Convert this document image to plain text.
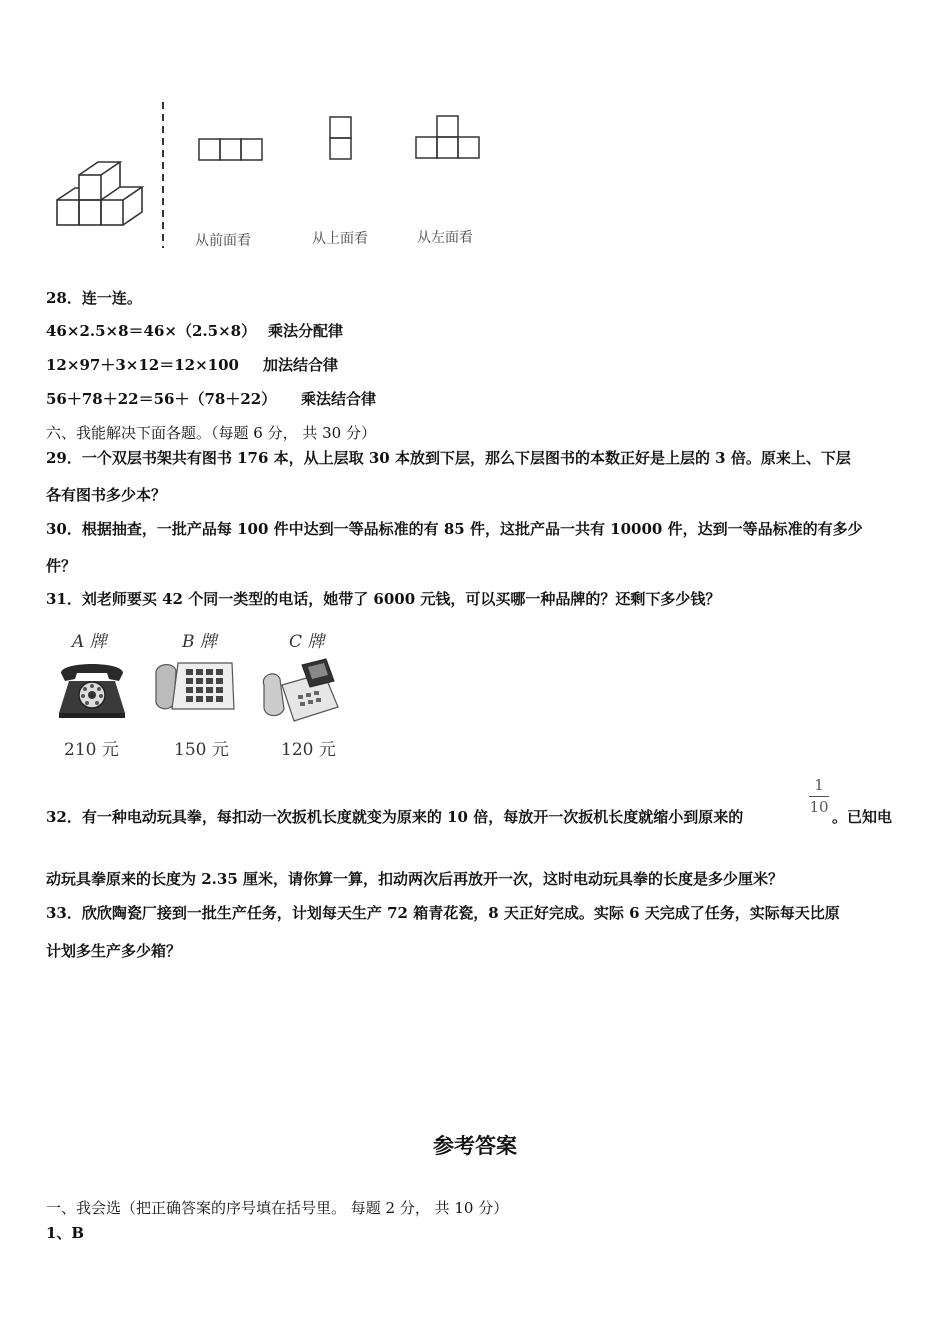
从前面看	从上面看	从左面看
28．连一连。
46×2.5×8＝46×（2.5×8） 乘法分配律
12×97＋3×12＝12×100 加法结合律
56＋78＋22＝56＋（78＋22） 乘法结合律
六、我能解决下面各题。（每题 6 分， 共 30 分）
29．一个双层书架共有图书 176 本，从上层取 30 本放到下层，那么下层图书的本数正好是上层的 3 倍。原来上、下层
各有图书多少本？
30．根据抽查，一批产品每 100 件中达到一等品标准的有 85 件，这批产品一共有 10000 件，达到一等品标准的有多少
件？
31．刘老师要买 42 个同一类型的电话，她带了 6000 元钱，可以买哪一种品牌的？还剩下多少钱？
A 牌	B 牌	C 牌
210 元	150 元	120 元
32．有一种电动玩具拳，每扣动一次扳机长度就变为原来的 10 倍，每放开一次扳机长度就缩小到原来的
1
10
。已知电
动玩具拳原来的长度为 2.35 厘米，请你算一算，扣动两次后再放开一次，这时电动玩具拳的长度是多少厘米？
33．欣欣陶瓷厂接到一批生产任务，计划每天生产 72 箱青花瓷，8 天正好完成。实际 6 天完成了任务，实际每天比原
计划多生产多少箱？
参考答案
一、我会选（把正确答案的序号填在括号里。 每题 2 分， 共 10 分）
1、B
